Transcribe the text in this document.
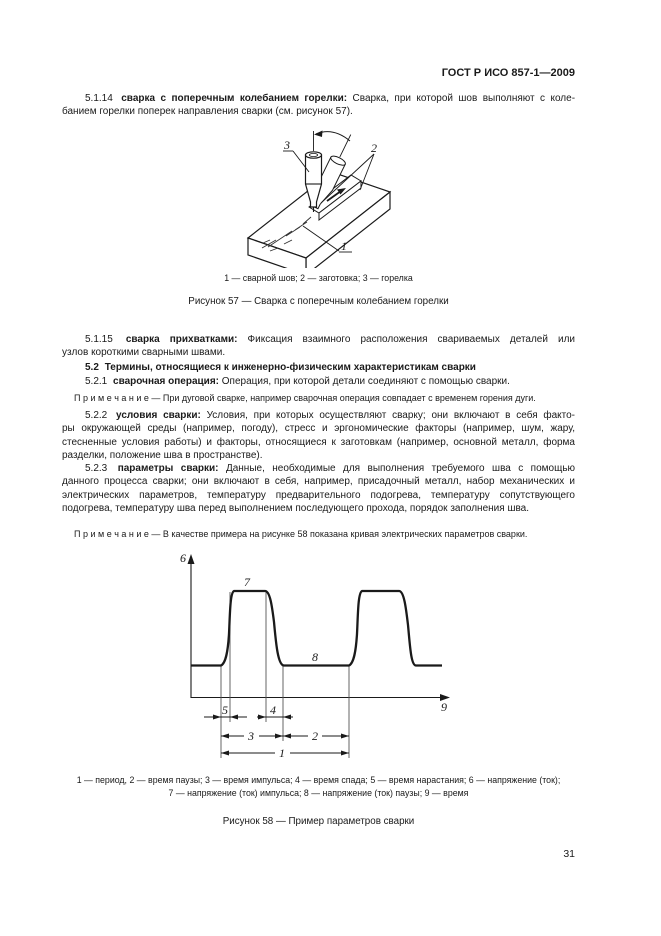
ГОСТ Р ИСО 857-1—2009
5.1.14 сварка с поперечным колебанием горелки: Сварка, при которой шов выполняют с коле-
банием горелки поперек направления сварки (см. рисунок 57).
3	2
1
1 — сварной шов; 2 — заготовка; 3 — горелка
Рисунок 57 — Сварка с поперечным колебанием горелки
5.1.15 сварка прихватками: Фиксация взаимного расположения свариваемых деталей или
узлов короткими сварными швами.
5.2 Термины, относящиеся к инженерно-физическим характеристикам сварки
5.2.1 сварочная операция: Операция, при которой детали соединяют с помощью сварки.
П р и м е ч а н и е — При дуговой сварке, например сварочная операция совпадает с временем горения дуги.
5.2.2 условия сварки: Условия, при которых осуществляют сварку; они включают в себя факто-
ры окружающей среды (например, погоду), стресс и эргономические факторы (например, шум, жару,
стесненные условия работы) и факторы, относящиеся к заготовкам (например, основной металл, форма
разделки, положение шва в пространстве).
5.2.3 параметры сварки: Данные, необходимые для выполнения требуемого шва с помощью
данного процесса сварки; они включают в себя, например, присадочный металл, набор механических и
электрических параметров, температуру предварительного подогрева, температуру сопутствующего
подогрева, температуру шва перед выполнением последующего прохода, порядок заполнения шва.
П р и м е ч а н и е — В качестве примера на рисунке 58 показана кривая электрических параметров сварки.
6
9
7
8
5	4
3	2
1
1 — период, 2 — время паузы; 3 — время импульса; 4 — время спада; 5 — время нарастания; 6 — напряжение (ток);
7 — напряжение (ток) импульса; 8 — напряжение (ток) паузы; 9 — время
Рисунок 58 — Пример параметров сварки
31
